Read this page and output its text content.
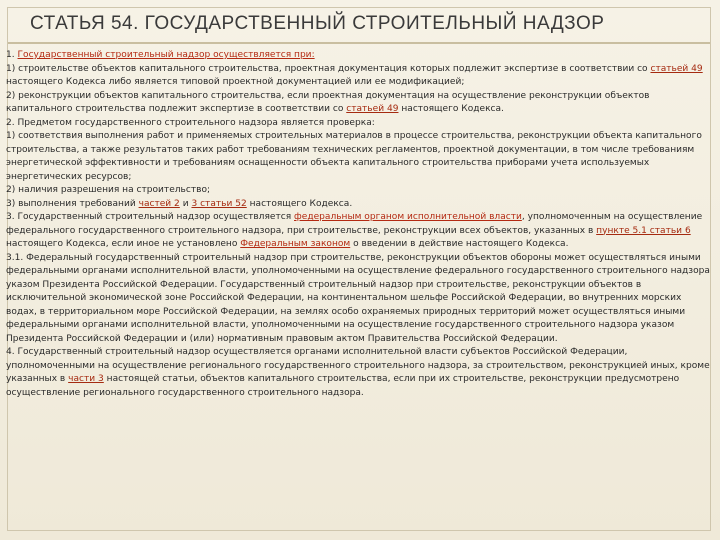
СТАТЬЯ 54. ГОСУДАРСТВЕННЫЙ СТРОИТЕЛЬНЫЙ НАДЗОР

1. Государственный строительный надзор осуществляется при:

1) строительстве объектов капитального строительства, проектная документация которых подлежит экспертизе в соответствии со статьей 49 настоящего Кодекса либо является типовой проектной документацией или ее модификацией;

2) реконструкции объектов капитального строительства, если проектная документация на осуществление реконструкции объектов капитального строительства подлежит экспертизе в соответствии со статьей 49 настоящего Кодекса.

2. Предметом государственного строительного надзора является проверка:

1) соответствия выполнения работ и применяемых строительных материалов в процессе строительства, реконструкции объекта капитального строительства, а также результатов таких работ требованиям технических регламентов, проектной документации, в том числе требованиям энергетической эффективности и требованиям оснащенности объекта капитального строительства приборами учета используемых энергетических ресурсов;

2) наличия разрешения на строительство;

3) выполнения требований частей 2 и 3 статьи 52 настоящего Кодекса.

3. Государственный строительный надзор осуществляется федеральным органом исполнительной власти, уполномоченным на осуществление федерального государственного строительного надзора, при строительстве, реконструкции всех объектов, указанных в пункте 5.1 статьи 6 настоящего Кодекса, если иное не установлено Федеральным законом о введении в действие настоящего Кодекса.

3.1. Федеральный государственный строительный надзор при строительстве, реконструкции объектов обороны может осуществляться иными федеральными органами исполнительной власти, уполномоченными на осуществление федерального государственного строительного надзора указом Президента Российской Федерации. Государственный строительный надзор при строительстве, реконструкции объектов в исключительной экономической зоне Российской Федерации, на континентальном шельфе Российской Федерации, во внутренних морских водах, в территориальном море Российской Федерации, на землях особо охраняемых природных территорий может осуществляться иными федеральными органами исполнительной власти, уполномоченными на осуществление государственного строительного надзора указом Президента Российской Федерации и (или) нормативным правовым актом Правительства Российской Федерации.

4. Государственный строительный надзор осуществляется органами исполнительной власти субъектов Российской Федерации, уполномоченными на осуществление регионального государственного строительного надзора, за строительством, реконструкцией иных, кроме указанных в части 3 настоящей статьи, объектов капитального строительства, если при их строительстве, реконструкции предусмотрено осуществление регионального государственного строительного надзора.
